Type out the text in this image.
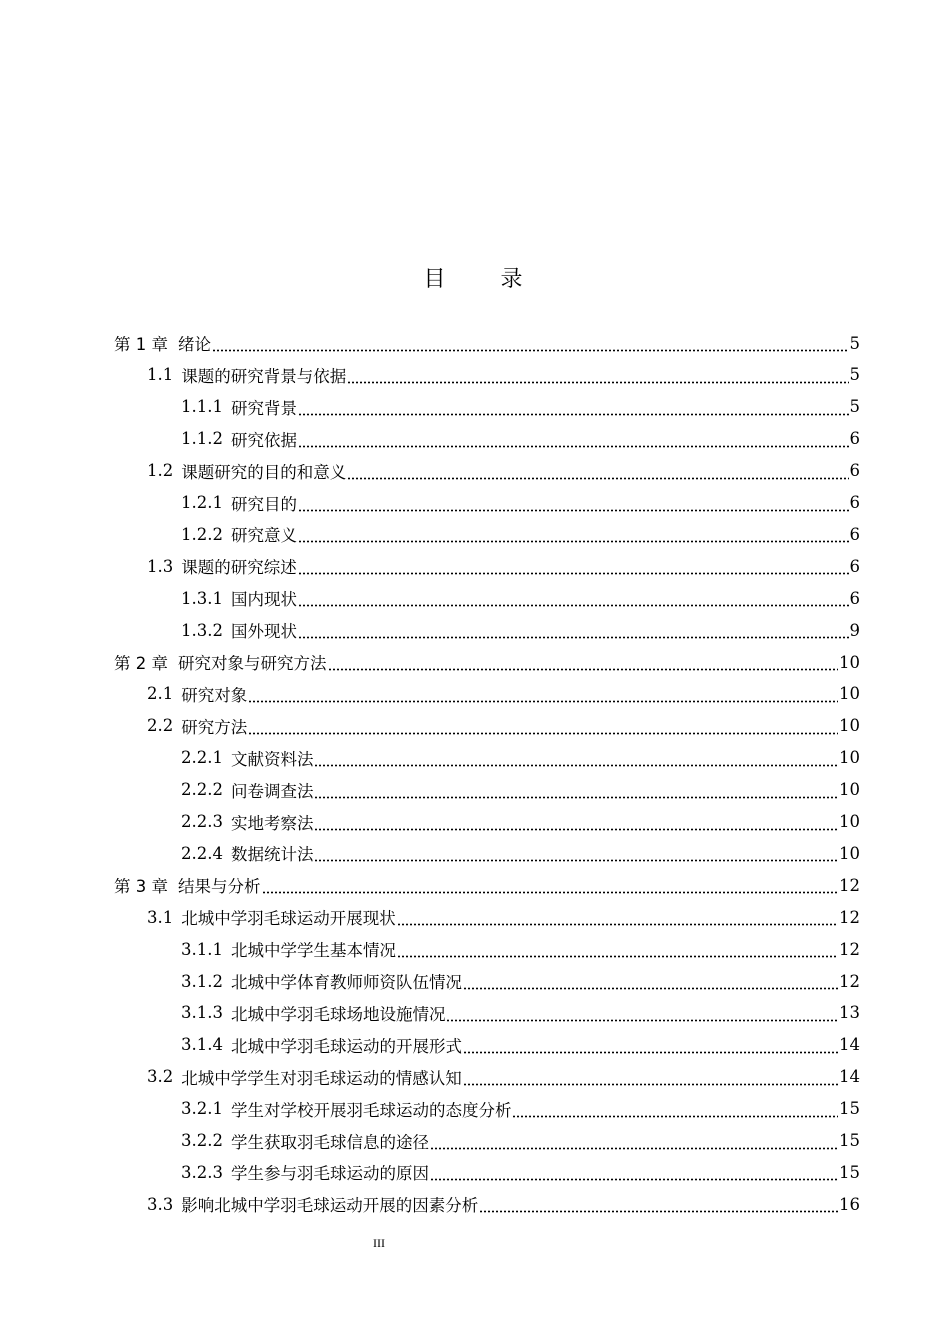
目 录
第 1 章 绪论	5
1.1 课题的研究背景与依据	5
1.1.1 研究背景	5
1.1.2 研究依据	6
1.2 课题研究的目的和意义	6
1.2.1 研究目的	6
1.2.2 研究意义	6
1.3 课题的研究综述	6
1.3.1 国内现状	6
1.3.2 国外现状	9
第 2 章 研究对象与研究方法	10
2.1 研究对象	10
2.2 研究方法	10
2.2.1 文献资料法	10
2.2.2 问卷调查法	10
2.2.3 实地考察法	10
2.2.4 数据统计法	10
第 3 章 结果与分析	12
3.1 北城中学羽毛球运动开展现状	12
3.1.1 北城中学学生基本情况	12
3.1.2 北城中学体育教师师资队伍情况	12
3.1.3 北城中学羽毛球场地设施情况	13
3.1.4 北城中学羽毛球运动的开展形式	14
3.2 北城中学学生对羽毛球运动的情感认知	14
3.2.1 学生对学校开展羽毛球运动的态度分析	15
3.2.2 学生获取羽毛球信息的途径	15
3.2.3 学生参与羽毛球运动的原因	15
3.3 影响北城中学羽毛球运动开展的因素分析	16
III
